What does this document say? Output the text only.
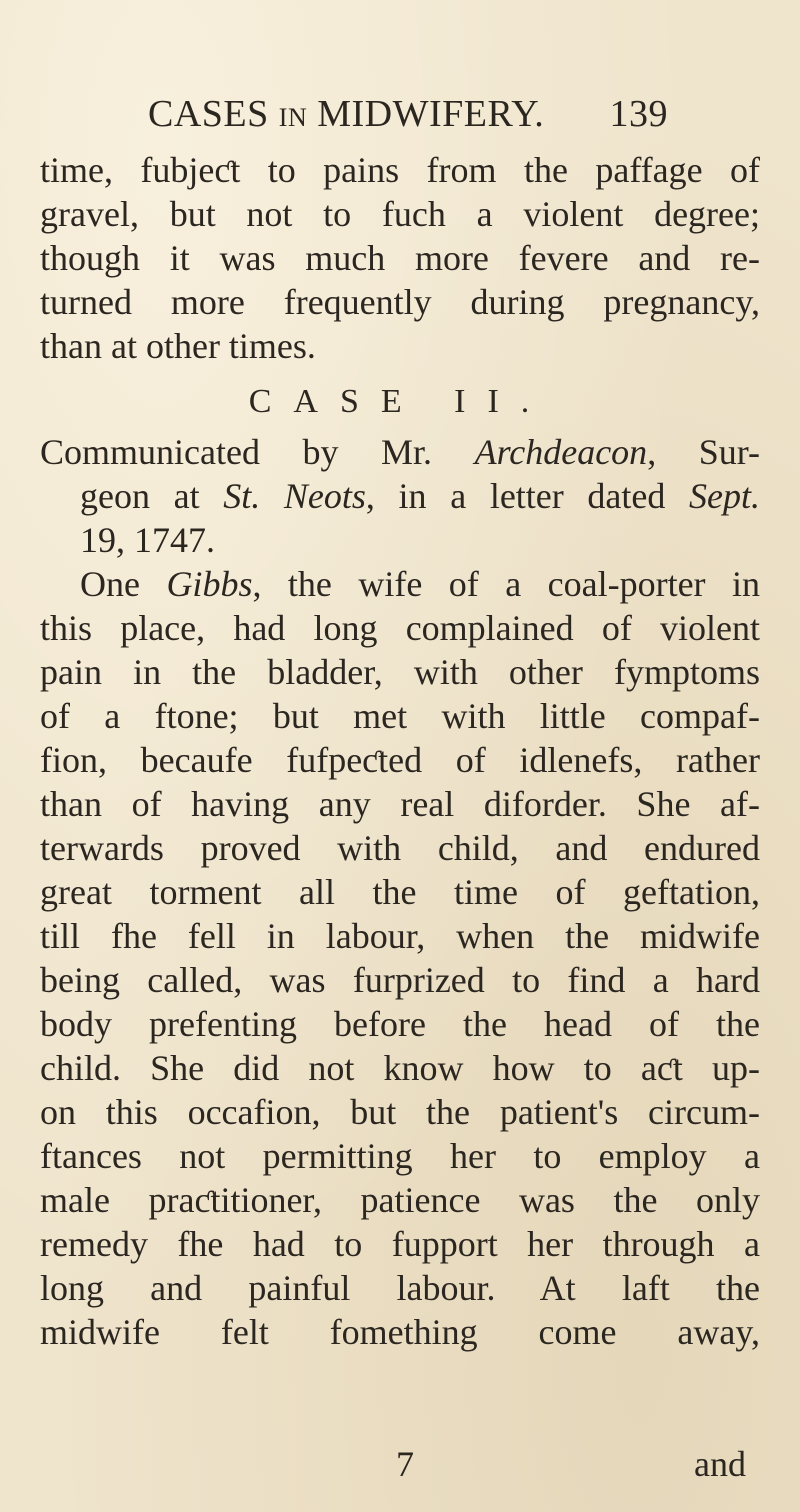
CASES IN MIDWIFERY. 139
time, fubjeƈt to pains from the paffage of
gravel, but not to fuch a violent degree;
though it was much more fevere and re-
turned more frequently during pregnancy,
than at other times.
CASE II.
Communicated by Mr. Archdeacon, Sur-
geon at St. Neots, in a letter dated Sept.
19, 1747.
One Gibbs, the wife of a coal-porter in
this place, had long complained of violent
pain in the bladder, with other fymptoms
of a ftone; but met with little compaf-
fion, becaufe fufpeƈted of idlenefs, rather
than of having any real diforder. She af-
terwards proved with child, and endured
great torment all the time of geftation,
till fhe fell in labour, when the midwife
being called, was furprized to find a hard
body prefenting before the head of the
child. She did not know how to aƈt up-
on this occafion, but the patient's circum-
ftances not permitting her to employ a
male praƈtitioner, patience was the only
remedy fhe had to fupport her through a
long and painful labour. At laft the
midwife felt fomething come away,
7	and
